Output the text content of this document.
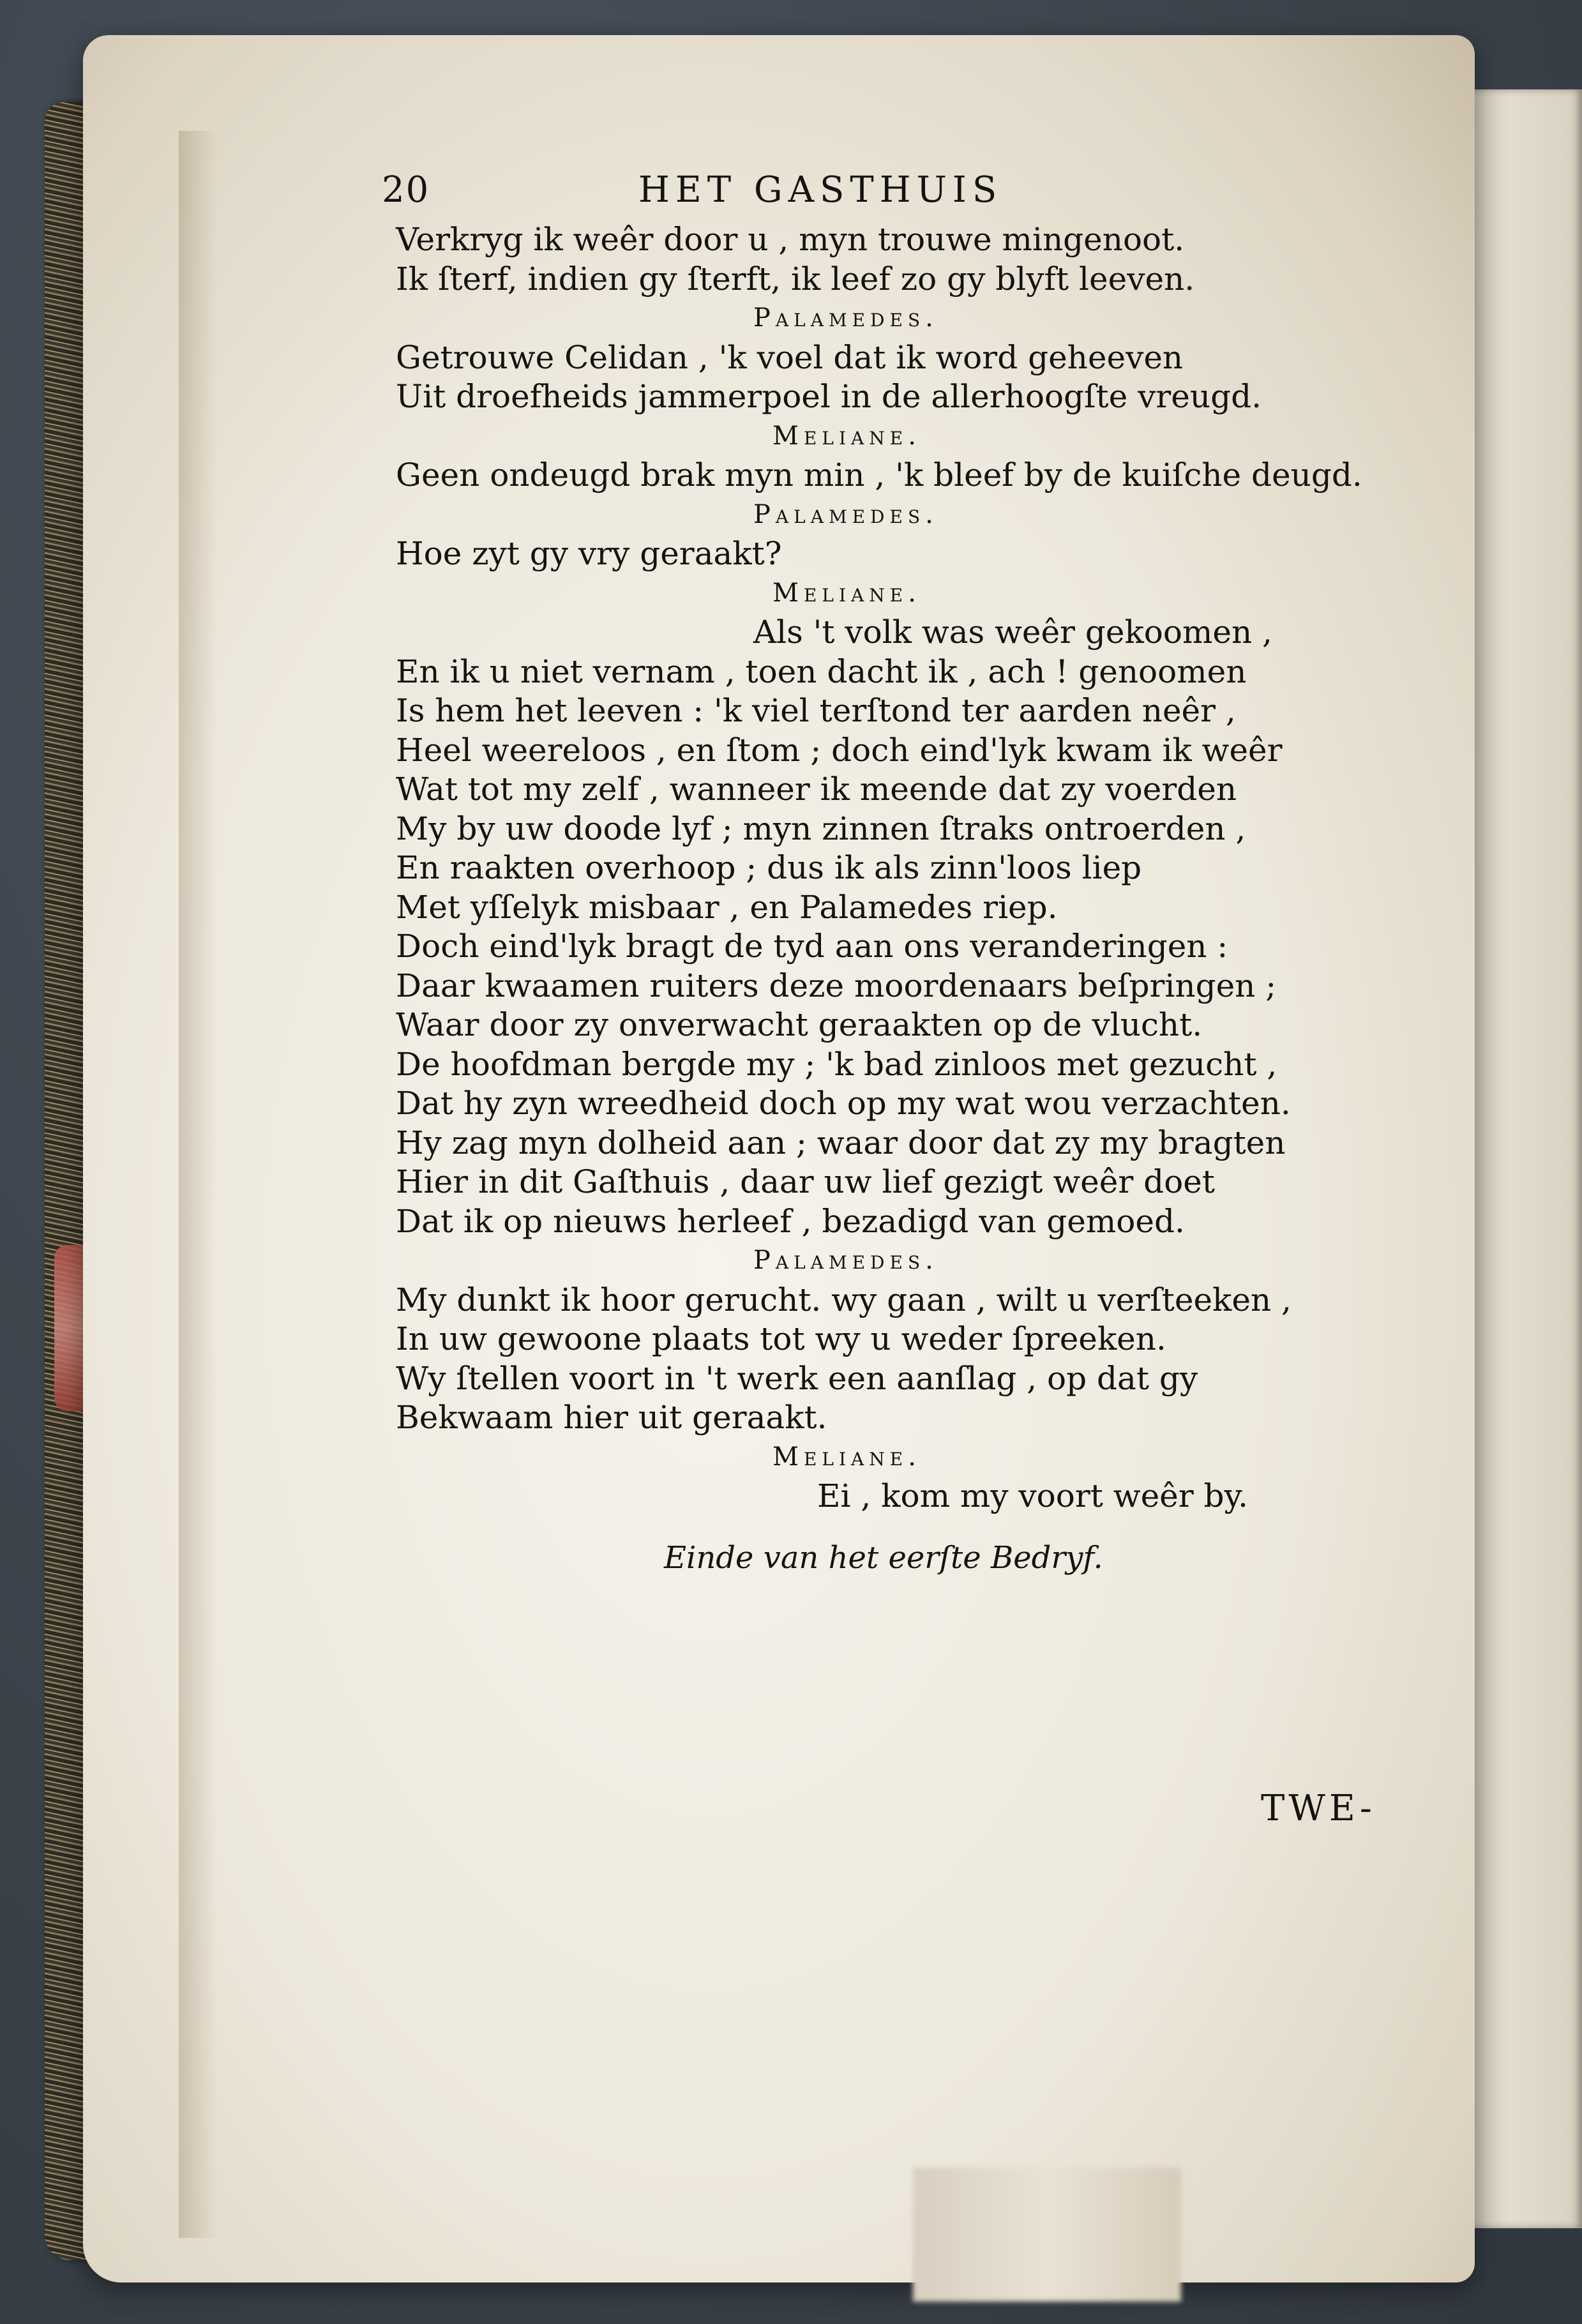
20	HET GASTHUIS
Verkryg ik weêr door u , myn trouwe mingenoot.
Ik ſterf, indien gy ſterft, ik leef zo gy blyft leeven.
Palamedes.
Getrouwe Celidan , 'k voel dat ik word geheeven
Uit droefheids jammerpoel in de allerhoogſte vreugd.
Meliane.
Geen ondeugd brak myn min , 'k bleef by de kuiſche deugd.
Palamedes.
Hoe zyt gy vry geraakt?
Meliane.
Als 't volk was weêr gekoomen ,
En ik u niet vernam , toen dacht ik , ach ! genoomen
Is hem het leeven : 'k viel terſtond ter aarden neêr ,
Heel weereloos , en ſtom ; doch eind'lyk kwam ik weêr
Wat tot my zelf , wanneer ik meende dat zy voerden
My by uw doode lyf ; myn zinnen ſtraks ontroerden ,
En raakten overhoop ; dus ik als zinn'loos liep
Met yſſelyk misbaar , en Palamedes riep.
Doch eind'lyk bragt de tyd aan ons veranderingen :
Daar kwaamen ruiters deze moordenaars beſpringen ;
Waar door zy onverwacht geraakten op de vlucht.
De hoofdman bergde my ; 'k bad zinloos met gezucht ,
Dat hy zyn wreedheid doch op my wat wou verzachten.
Hy zag myn dolheid aan ; waar door dat zy my bragten
Hier in dit Gaſthuis , daar uw lief gezigt weêr doet
Dat ik op nieuws herleef , bezadigd van gemoed.
Palamedes.
My dunkt ik hoor gerucht. wy gaan , wilt u verſteeken ,
In uw gewoone plaats tot wy u weder ſpreeken.
Wy ſtellen voort in 't werk een aanſlag , op dat gy
Bekwaam hier uit geraakt.
Meliane.
Ei , kom my voort weêr by.
Einde van het eerſte Bedryf.
TWE-
